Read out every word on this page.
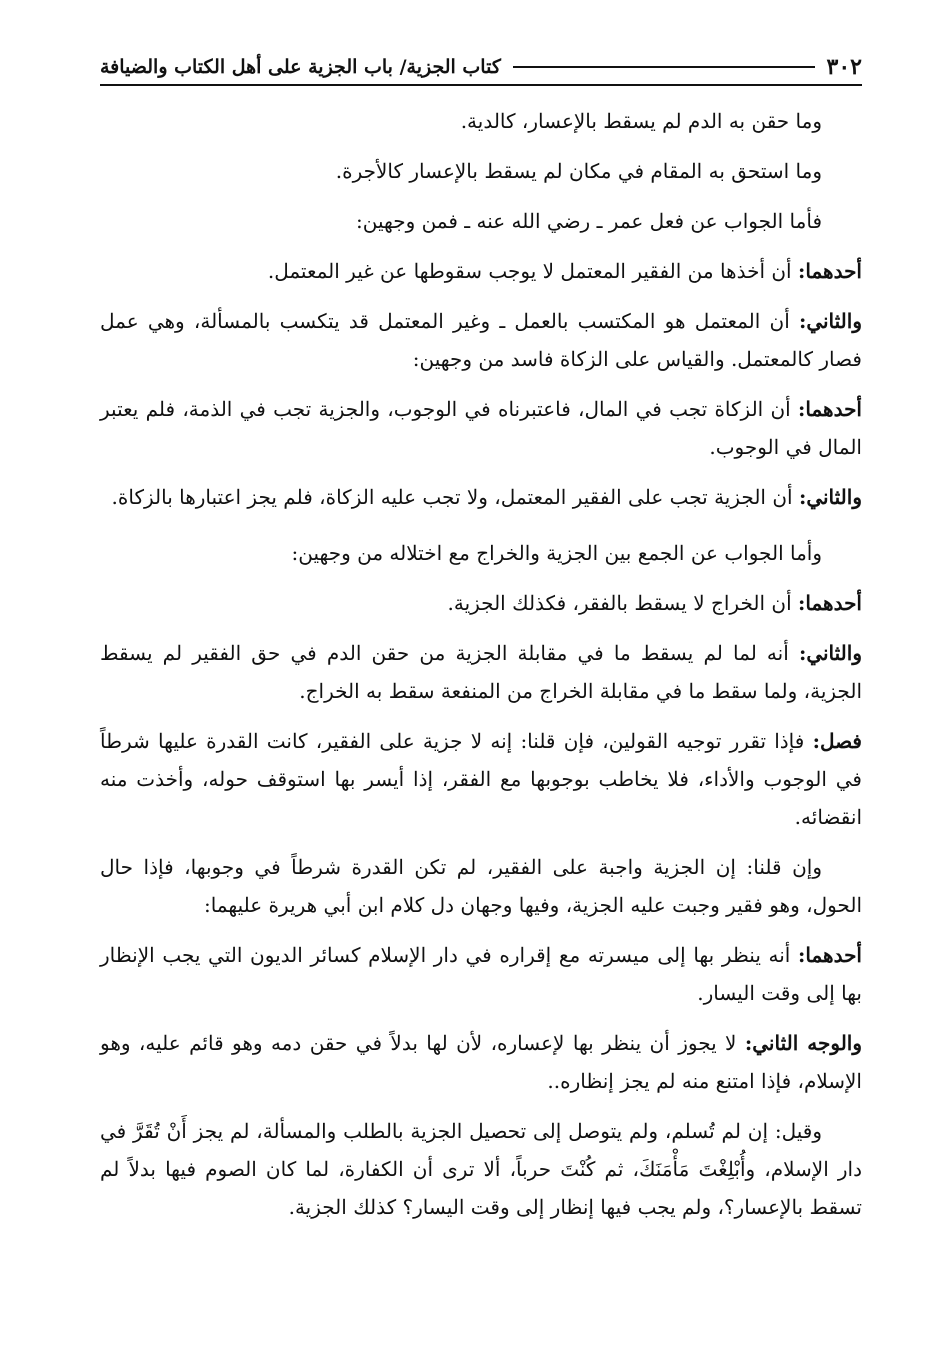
٣٠٢
كتاب الجزية/ باب الجزية على أهل الكتاب والضيافة

وما حقن به الدم لم يسقط بالإعسار، كالدية.

وما استحق به المقام في مكان لم يسقط بالإعسار كالأجرة.

فأما الجواب عن فعل عمر ـ رضي الله عنه ـ فمن وجهين:

أحدهما: أن أخذها من الفقير المعتمل لا يوجب سقوطها عن غير المعتمل.

والثاني: أن المعتمل هو المكتسب بالعمل ـ وغير المعتمل قد يتكسب بالمسألة، وهي عمل فصار كالمعتمل. والقياس على الزكاة فاسد من وجهين:

أحدهما: أن الزكاة تجب في المال، فاعتبرناه في الوجوب، والجزية تجب في الذمة، فلم يعتبر المال في الوجوب.

والثاني: أن الجزية تجب على الفقير المعتمل، ولا تجب عليه الزكاة، فلم يجز اعتبارها بالزكاة.

وأما الجواب عن الجمع بين الجزية والخراج مع اختلاله من وجهين:

أحدهما: أن الخراج لا يسقط بالفقر، فكذلك الجزية.

والثاني: أنه لما لم يسقط ما في مقابلة الجزية من حقن الدم في حق الفقير لم يسقط الجزية، ولما سقط ما في مقابلة الخراج من المنفعة سقط به الخراج.

فصل: فإذا تقرر توجيه القولين، فإن قلنا: إنه لا جزية على الفقير، كانت القدرة عليها شرطاً في الوجوب والأداء، فلا يخاطب بوجوبها مع الفقر، إذا أيسر بها استوقف حوله، وأخذت منه انقضائه.

وإن قلنا: إن الجزية واجبة على الفقير، لم تكن القدرة شرطاً في وجوبها، فإذا حال الحول، وهو فقير وجبت عليه الجزية، وفيها وجهان دل كلام ابن أبي هريرة عليهما:

أحدهما: أنه ينظر بها إلى ميسرته مع إقراره في دار الإسلام كسائر الديون التي يجب الإنظار بها إلى وقت اليسار.

والوجه الثاني: لا يجوز أن ينظر بها لإعساره، لأن لها بدلاً في حقن دمه وهو قائم عليه، وهو الإسلام، فإذا امتنع منه لم يجز إنظاره..

وقيل: إن لم تُسلم، ولم يتوصل إلى تحصيل الجزية بالطلب والمسألة، لم يجز أَنْ تُقَرَّ في دار الإسلام، وأُبْلِغْتَ مَأْمَنَكَ، ثم كُنْتَ حرباً، ألا ترى أن الكفارة، لما كان الصوم فيها بدلاً لم تسقط بالإعسار؟، ولم يجب فيها إنظار إلى وقت اليسار؟ كذلك الجزية.
